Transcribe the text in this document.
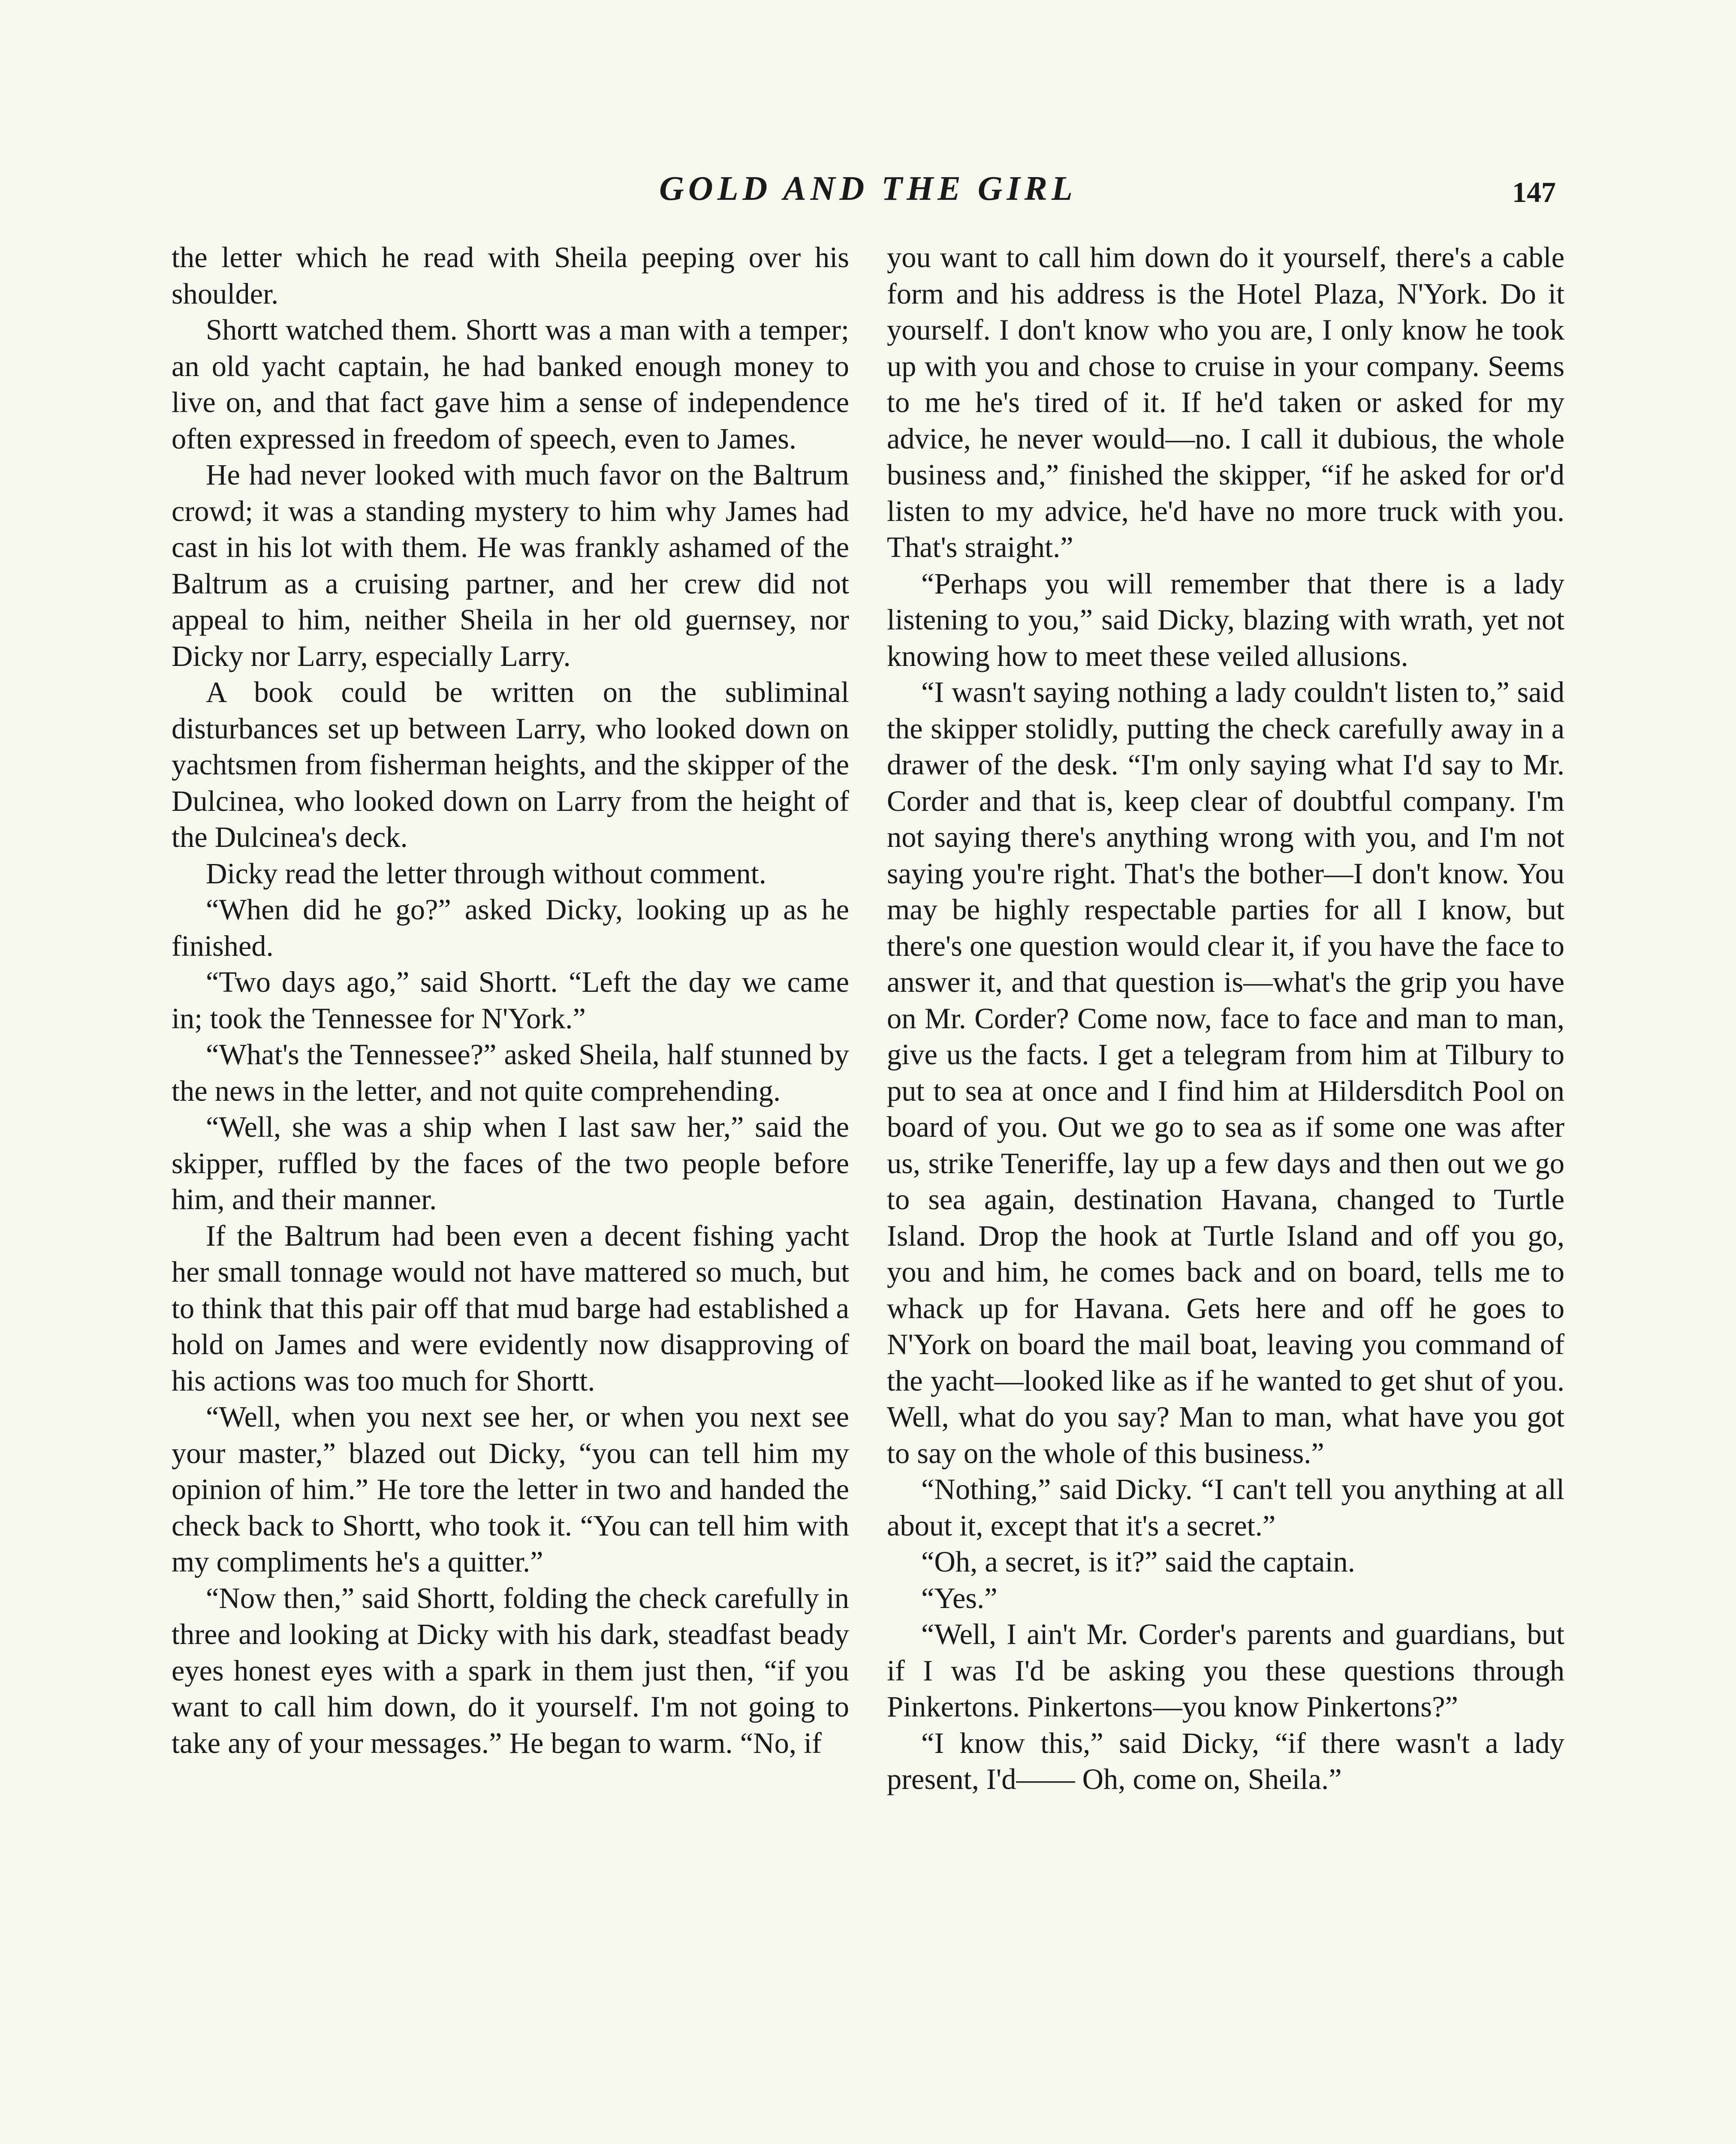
GOLD AND THE GIRL	147

the letter which he read with Sheila peeping over his shoulder.

Shortt watched them. Shortt was a man with a temper; an old yacht captain, he had banked enough money to live on, and that fact gave him a sense of independence often expressed in freedom of speech, even to James.

He had never looked with much favor on the Baltrum crowd; it was a standing mystery to him why James had cast in his lot with them. He was frankly ashamed of the Baltrum as a cruising partner, and her crew did not appeal to him, neither Sheila in her old guernsey, nor Dicky nor Larry, especially Larry.

A book could be written on the subliminal disturbances set up between Larry, who looked down on yachtsmen from fisherman heights, and the skipper of the Dulcinea, who looked down on Larry from the height of the Dulcinea's deck.

Dicky read the letter through without comment.

“When did he go?” asked Dicky, looking up as he finished.

“Two days ago,” said Shortt. “Left the day we came in; took the Tennessee for N'York.”

“What's the Tennessee?” asked Sheila, half stunned by the news in the letter, and not quite comprehending.

“Well, she was a ship when I last saw her,” said the skipper, ruffled by the faces of the two people before him, and their manner.

If the Baltrum had been even a decent fishing yacht her small tonnage would not have mattered so much, but to think that this pair off that mud barge had established a hold on James and were evidently now disapproving of his actions was too much for Shortt.

“Well, when you next see her, or when you next see your master,” blazed out Dicky, “you can tell him my opinion of him.” He tore the letter in two and handed the check back to Shortt, who took it. “You can tell him with my compliments he's a quitter.”

“Now then,” said Shortt, folding the check carefully in three and looking at Dicky with his dark, steadfast beady eyes honest eyes with a spark in them just then, “if you want to call him down, do it yourself. I'm not going to take any of your messages.” He began to warm. “No, if

you want to call him down do it yourself, there's a cable form and his address is the Hotel Plaza, N'York. Do it yourself. I don't know who you are, I only know he took up with you and chose to cruise in your company. Seems to me he's tired of it. If he'd taken or asked for my advice, he never would—no. I call it dubious, the whole business and,” finished the skipper, “if he asked for or'd listen to my advice, he'd have no more truck with you. That's straight.”

“Perhaps you will remember that there is a lady listening to you,” said Dicky, blazing with wrath, yet not knowing how to meet these veiled allusions.

“I wasn't saying nothing a lady couldn't listen to,” said the skipper stolidly, putting the check carefully away in a drawer of the desk. “I'm only saying what I'd say to Mr. Corder and that is, keep clear of doubtful company. I'm not saying there's anything wrong with you, and I'm not saying you're right. That's the bother—I don't know. You may be highly respectable parties for all I know, but there's one question would clear it, if you have the face to answer it, and that question is—what's the grip you have on Mr. Corder? Come now, face to face and man to man, give us the facts. I get a telegram from him at Tilbury to put to sea at once and I find him at Hildersditch Pool on board of you. Out we go to sea as if some one was after us, strike Teneriffe, lay up a few days and then out we go to sea again, destination Havana, changed to Turtle Island. Drop the hook at Turtle Island and off you go, you and him, he comes back and on board, tells me to whack up for Havana. Gets here and off he goes to N'York on board the mail boat, leaving you command of the yacht—looked like as if he wanted to get shut of you. Well, what do you say? Man to man, what have you got to say on the whole of this business.”

“Nothing,” said Dicky. “I can't tell you anything at all about it, except that it's a secret.”

“Oh, a secret, is it?” said the captain.

“Yes.”

“Well, I ain't Mr. Corder's parents and guardians, but if I was I'd be asking you these questions through Pinkertons. Pinkertons—you know Pinkertons?”

“I know this,” said Dicky, “if there wasn't a lady present, I'd—— Oh, come on, Sheila.”
